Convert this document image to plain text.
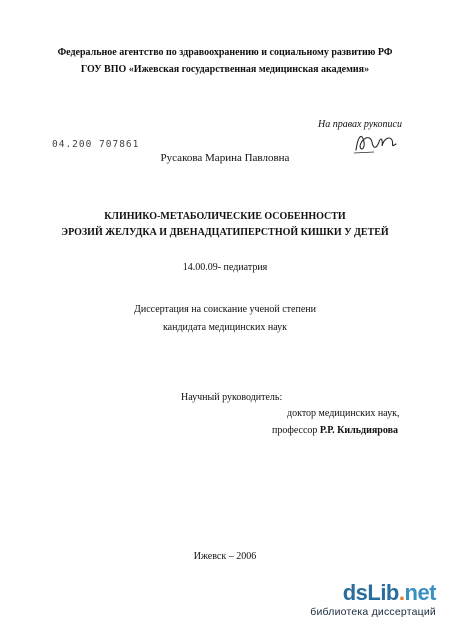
Федеральное агентство по здравоохранению и социальному развитию РФ
ГОУ ВПО «Ижевская государственная медицинская академия»
На правах рукописи
04.200 707861
Русакова Марина Павловна
КЛИНИКО-МЕТАБОЛИЧЕСКИЕ ОСОБЕННОСТИ
ЭРОЗИЙ ЖЕЛУДКА И ДВЕНАДЦАТИПЕРСТНОЙ КИШКИ У ДЕТЕЙ
14.00.09- педиатрия
Диссертация на соискание ученой степени
кандидата медицинских наук
Научный руководитель:
доктор медицинских наук,
профессор Р.Р. Кильдиярова
Ижевск – 2006
dsLib.net
библиотека диссертаций
